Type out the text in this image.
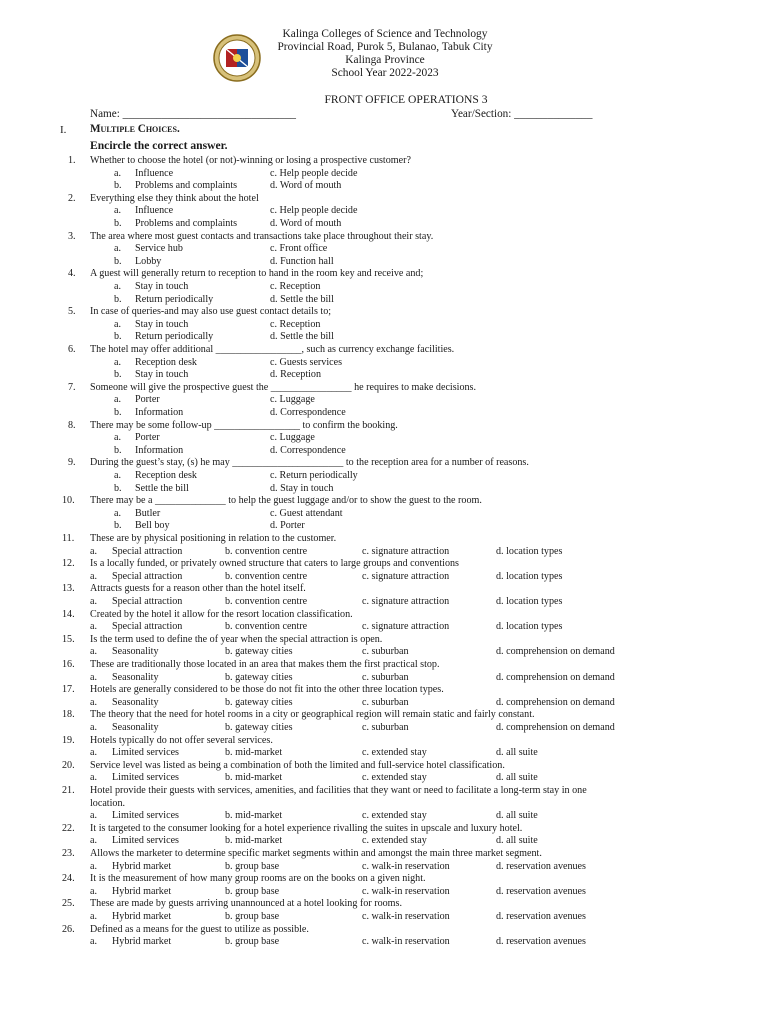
Kalinga Colleges of Science and Technology
Provincial Road, Purok 5, Bulanao, Tabuk City
Kalinga Province
School Year 2022-2023
FRONT OFFICE OPERATIONS 3
Name: _______________________________	Year/Section: ______________
I. Multiple Choices.
Encircle the correct answer.
1. Whether to choose the hotel (or not)-winning or losing a prospective customer?
a. Influence	c. Help people decide
b. Problems and complaints	d. Word of mouth
2. Everything else they think about the hotel
a. Influence	c. Help people decide
b. Problems and complaints	d. Word of mouth
3. The area where most guest contacts and transactions take place throughout their stay.
a. Service hub	c. Front office
b. Lobby	d. Function hall
4. A guest will generally return to reception to hand in the room key and receive and;
a. Stay in touch	c. Reception
b. Return periodically	d. Settle the bill
5. In case of queries-and may also use guest contact details to;
a. Stay in touch	c. Reception
b. Return periodically	d. Settle the bill
6. The hotel may offer additional _________________, such as currency exchange facilities.
a. Reception desk	c. Guests services
b. Stay in touch	d. Reception
7. Someone will give the prospective guest the ________________ he requires to make decisions.
a. Porter	c. Luggage
b. Information	d. Correspondence
8. There may be some follow-up _________________ to confirm the booking.
a. Porter	c. Luggage
b. Information	d. Correspondence
9. During the guest’s stay, (s) he may ______________________ to the reception area for a number of reasons.
a. Reception desk	c. Return periodically
b. Settle the bill	d. Stay in touch
10. There may be a ______________ to help the guest luggage and/or to show the guest to the room.
a. Butler	c. Guest attendant
b. Bell boy	d. Porter
11. These are by physical positioning in relation to the customer.
a. Special attraction	b. convention centre	c. signature attraction	d. location types
12. Is a locally funded, or privately owned structure that caters to large groups and conventions
a. Special attraction	b. convention centre	c. signature attraction	d. location types
13. Attracts guests for a reason other than the hotel itself.
a. Special attraction	b. convention centre	c. signature attraction	d. location types
14. Created by the hotel it allow for the resort location classification.
a. Special attraction	b. convention centre	c. signature attraction	d. location types
15. Is the term used to define the of year when the special attraction is open.
a. Seasonality	b. gateway cities	c. suburban	d. comprehension on demand
16. These are traditionally those located in an area that makes them the first practical stop.
a. Seasonality	b. gateway cities	c. suburban	d. comprehension on demand
17. Hotels are generally considered to be those do not fit into the other three location types.
a. Seasonality	b. gateway cities	c. suburban	d. comprehension on demand
18. The theory that the need for hotel rooms in a city or geographical region will remain static and fairly constant.
a. Seasonality	b. gateway cities	c. suburban	d. comprehension on demand
19. Hotels typically do not offer several services.
a. Limited services	b. mid-market	c. extended stay	d. all suite
20. Service level was listed as being a combination of both the limited and full-service hotel classification.
a. Limited services	b. mid-market	c. extended stay	d. all suite
21. Hotel provide their guests with services, amenities, and facilities that they want or need to facilitate a long-term stay in one
location.
a. Limited services	b. mid-market	c. extended stay	d. all suite
22. It is targeted to the consumer looking for a hotel experience rivalling the suites in upscale and luxury hotel.
a. Limited services	b. mid-market	c. extended stay	d. all suite
23. Allows the marketer to determine specific market segments within and amongst the main three market segment.
a. Hybrid market	b. group base	c. walk-in reservation	d. reservation avenues
24. It is the measurement of how many group rooms are on the books on a given night.
a. Hybrid market	b. group base	c. walk-in reservation	d. reservation avenues
25. These are made by guests arriving unannounced at a hotel looking for rooms.
a. Hybrid market	b. group base	c. walk-in reservation	d. reservation avenues
26. Defined as a means for the guest to utilize as possible.
a. Hybrid market	b. group base	c. walk-in reservation	d. reservation avenues
